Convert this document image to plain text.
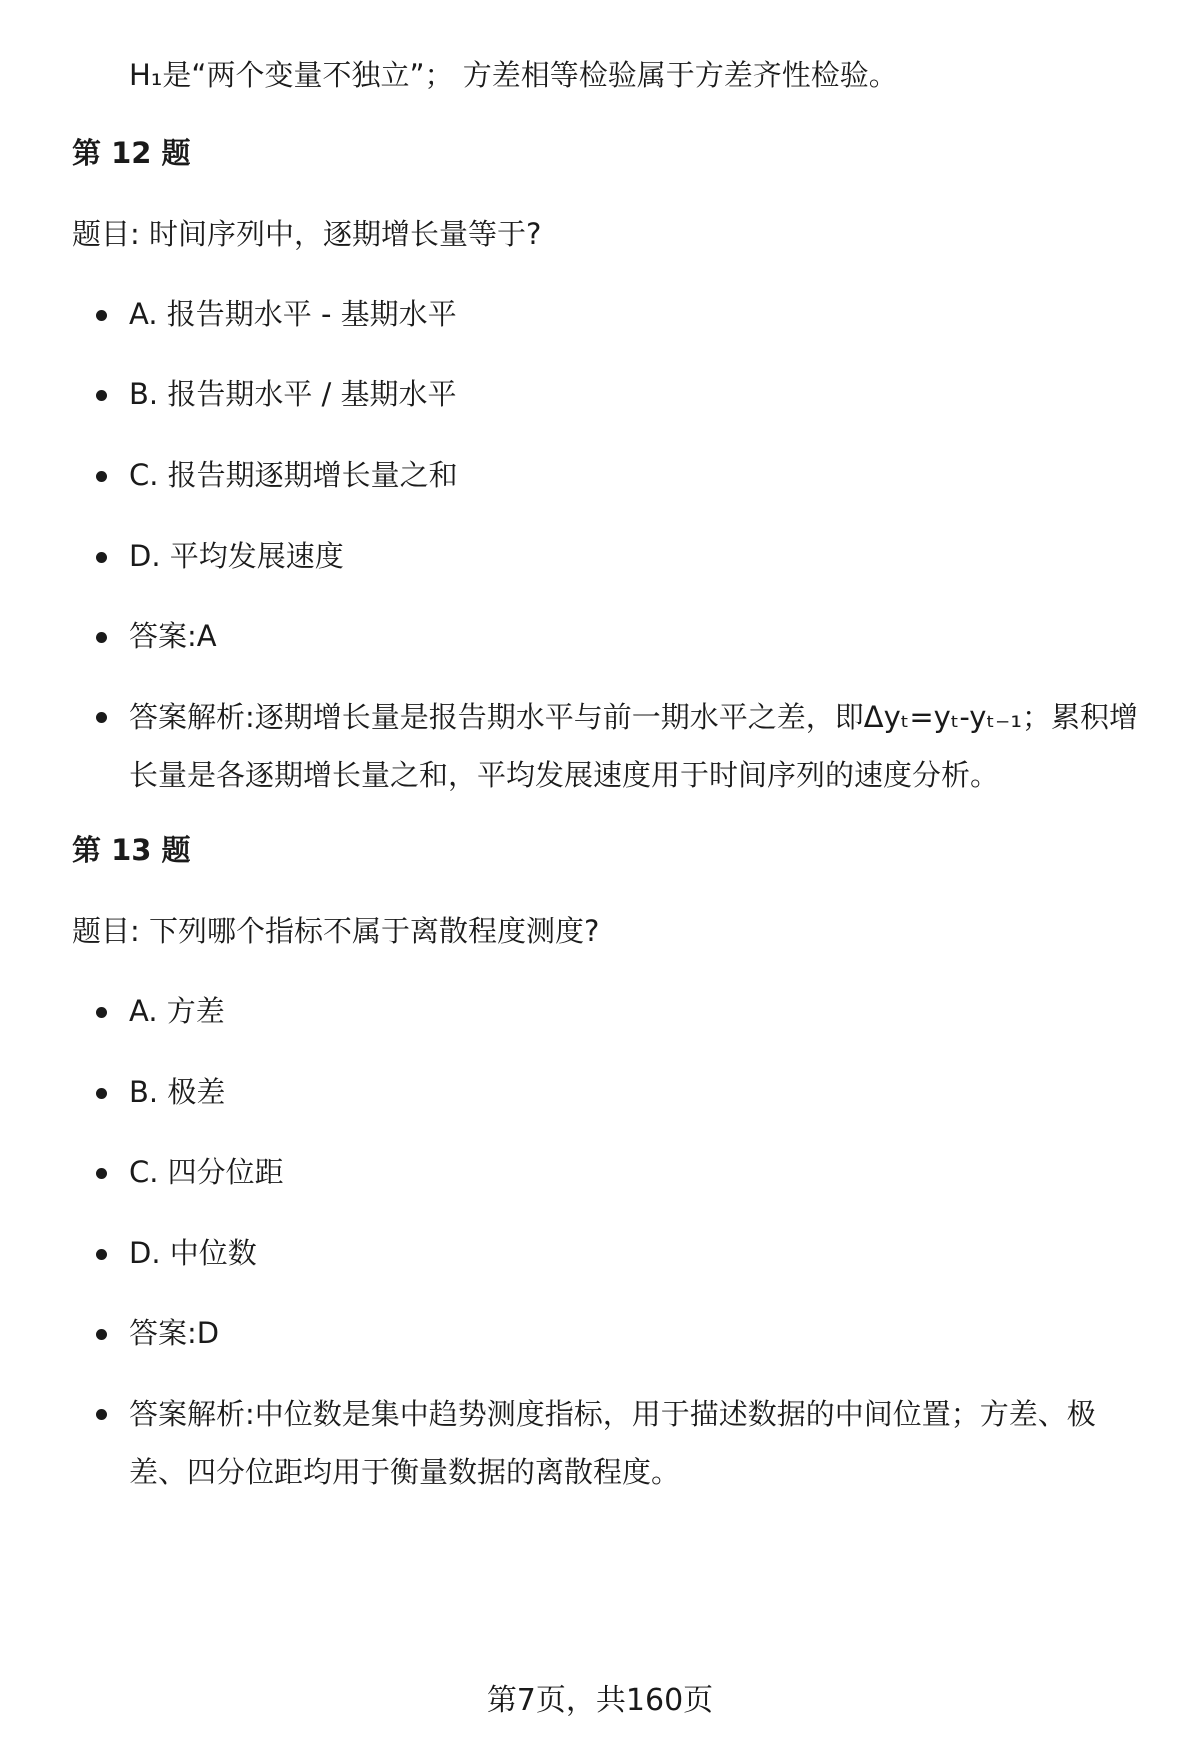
H₁是“两个变量不独立”； 方差相等检验属于方差齐性检验。
第 12 题
题目: 时间序列中，逐期增长量等于?
A. 报告期水平 - 基期水平
B. 报告期水平 / 基期水平
C. 报告期逐期增长量之和
D. 平均发展速度
答案:A
答案解析:逐期增长量是报告期水平与前一期水平之差，即Δyₜ=yₜ-yₜ₋₁；累积增长量是各逐期增长量之和，平均发展速度用于时间序列的速度分析。
第 13 题
题目: 下列哪个指标不属于离散程度测度?
A. 方差
B. 极差
C. 四分位距
D. 中位数
答案:D
答案解析:中位数是集中趋势测度指标，用于描述数据的中间位置；方差、极差、四分位距均用于衡量数据的离散程度。
第7页，共160页
